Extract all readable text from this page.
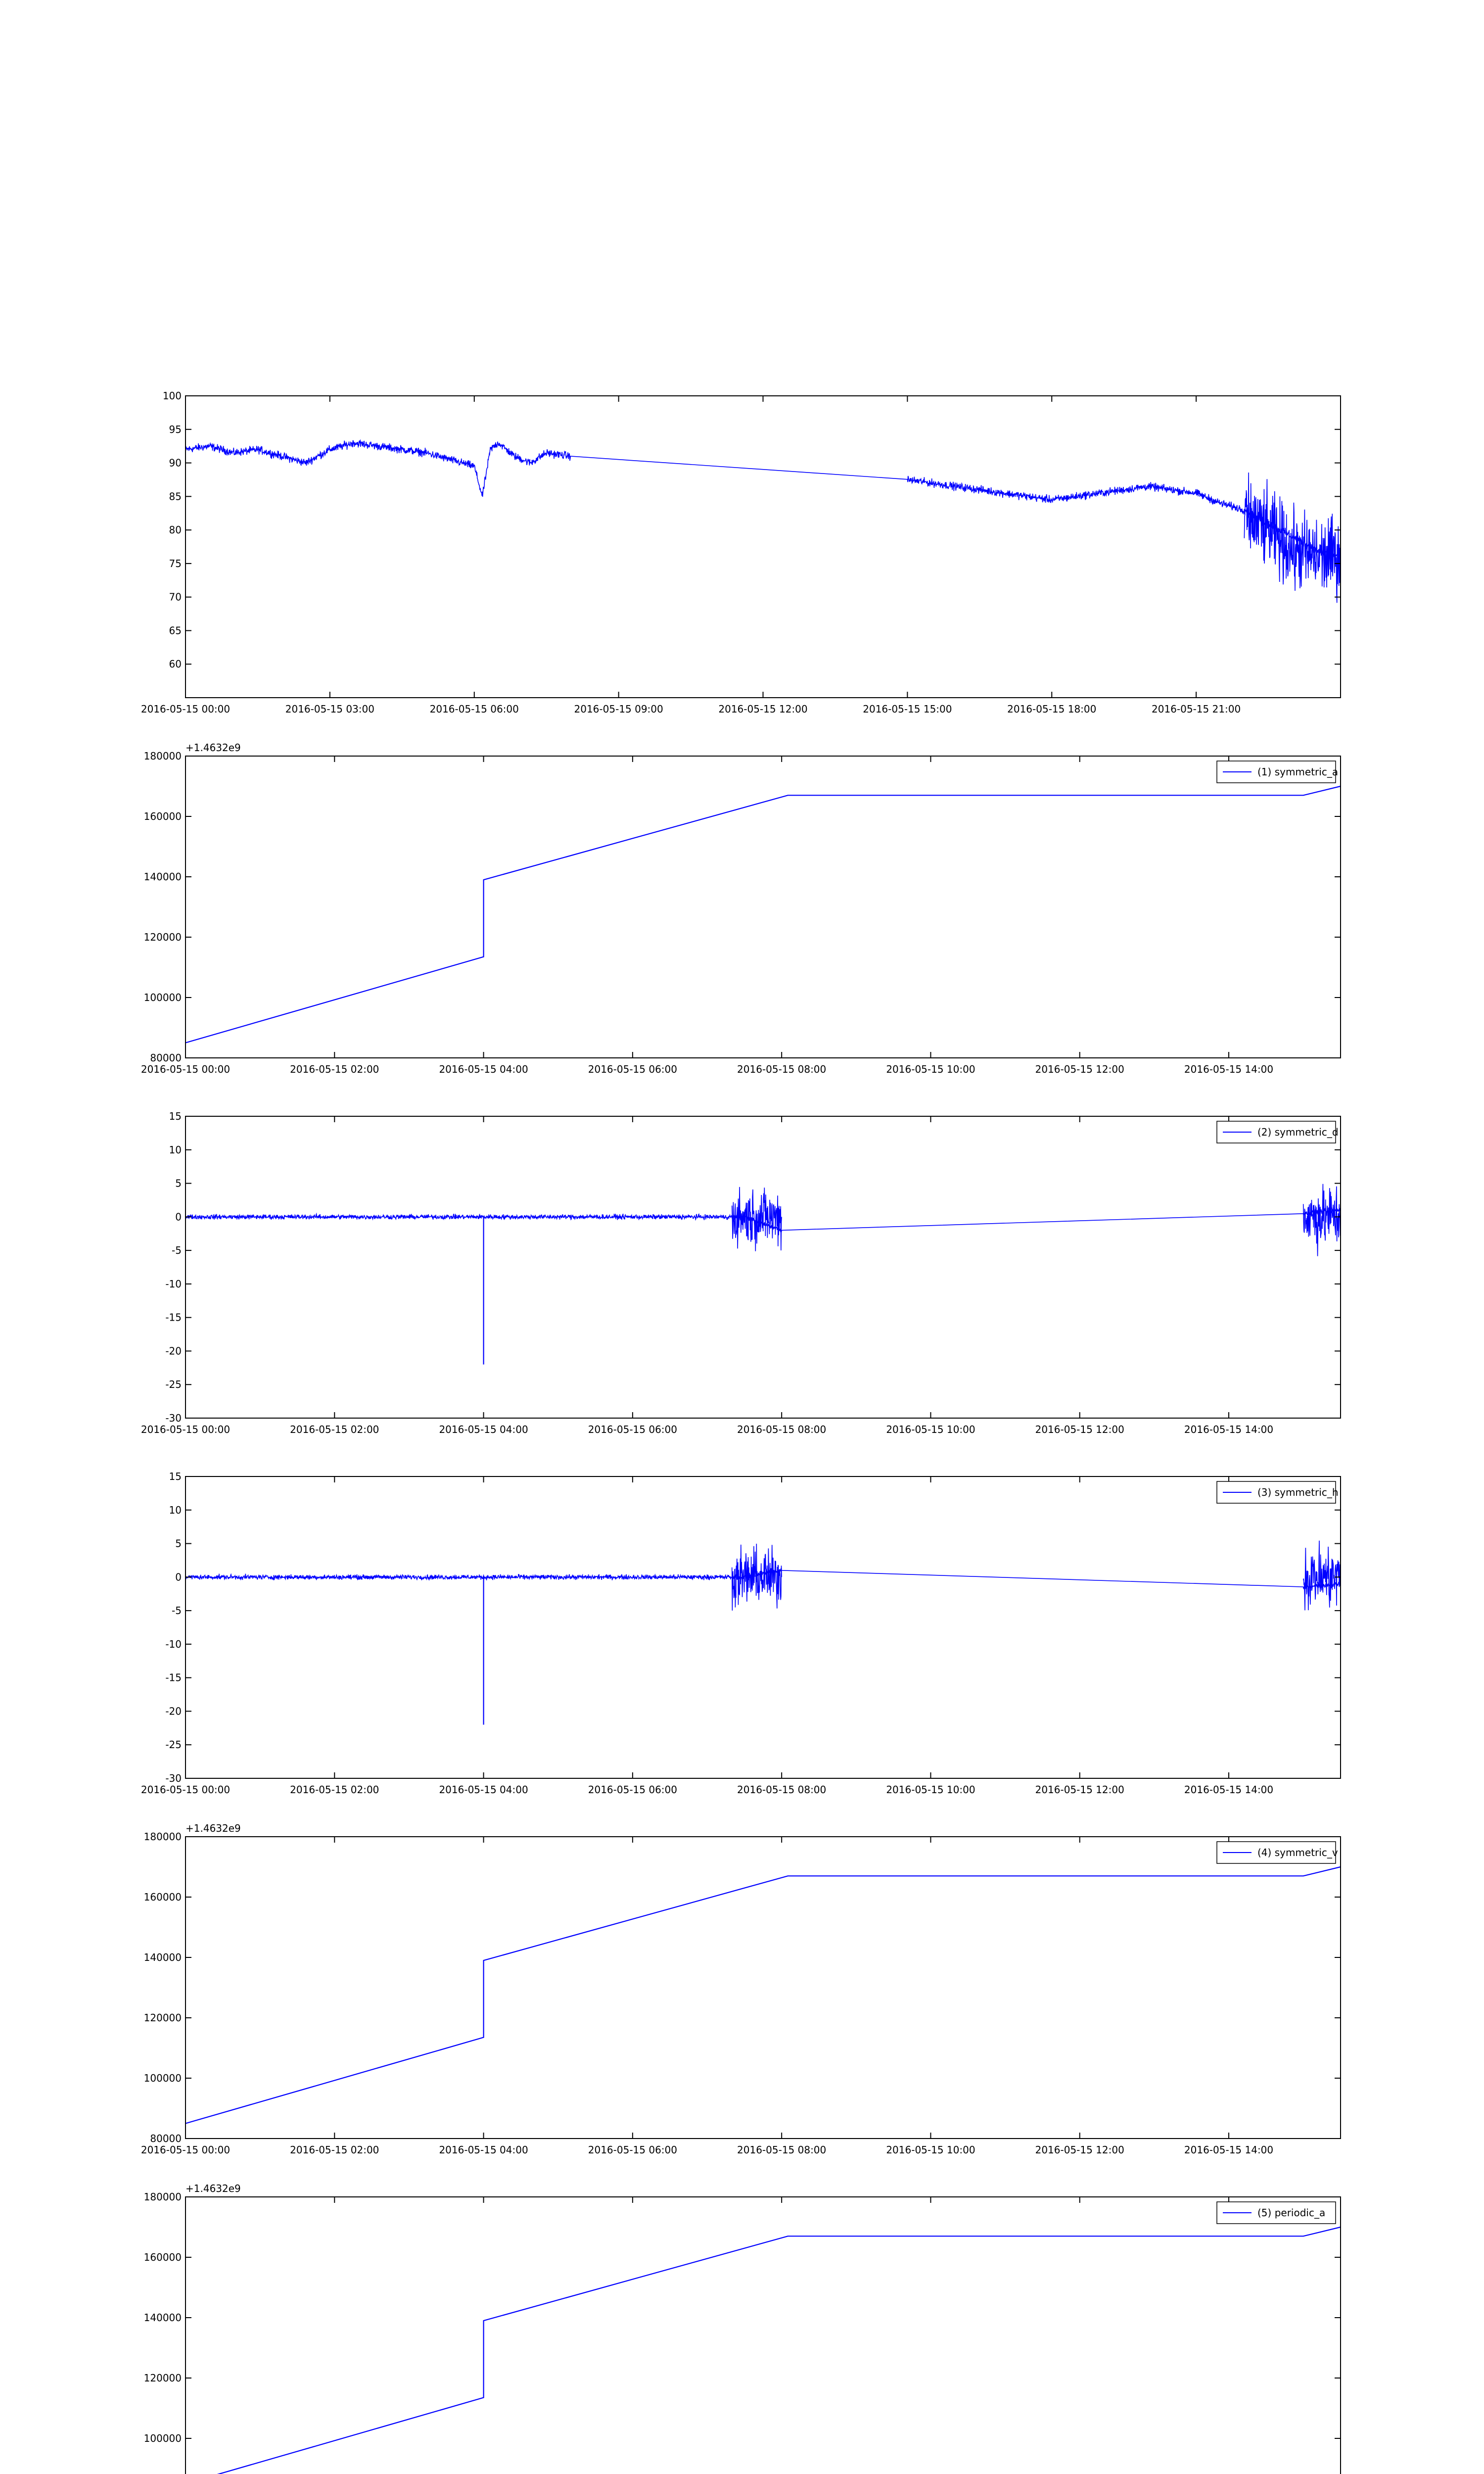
60
65
70
75
80
85
90
95
100
2016-05-15 00:00	2016-05-15 03:00	2016-05-15 06:00	2016-05-15 09:00	2016-05-15 12:00	2016-05-15 15:00	2016-05-15 18:00	2016-05-15 21:00
80000
100000
120000
140000
160000
180000
2016-05-15 00:00	2016-05-15 02:00	2016-05-15 04:00	2016-05-15 06:00	2016-05-15 08:00	2016-05-15 10:00	2016-05-15 12:00	2016-05-15 14:00
+1.4632e9
(1) symmetric_a
-30
-25
-20
-15
-10
-5
0
5
10
15
2016-05-15 00:00	2016-05-15 02:00	2016-05-15 04:00	2016-05-15 06:00	2016-05-15 08:00	2016-05-15 10:00	2016-05-15 12:00	2016-05-15 14:00
(2) symmetric_d
-30
-25
-20
-15
-10
-5
0
5
10
15
2016-05-15 00:00	2016-05-15 02:00	2016-05-15 04:00	2016-05-15 06:00	2016-05-15 08:00	2016-05-15 10:00	2016-05-15 12:00	2016-05-15 14:00
(3) symmetric_h
80000
100000
120000
140000
160000
180000
2016-05-15 00:00	2016-05-15 02:00	2016-05-15 04:00	2016-05-15 06:00	2016-05-15 08:00	2016-05-15 10:00	2016-05-15 12:00	2016-05-15 14:00
+1.4632e9
(4) symmetric_v
100000
120000
140000
160000
180000
+1.4632e9
(5) periodic_a
